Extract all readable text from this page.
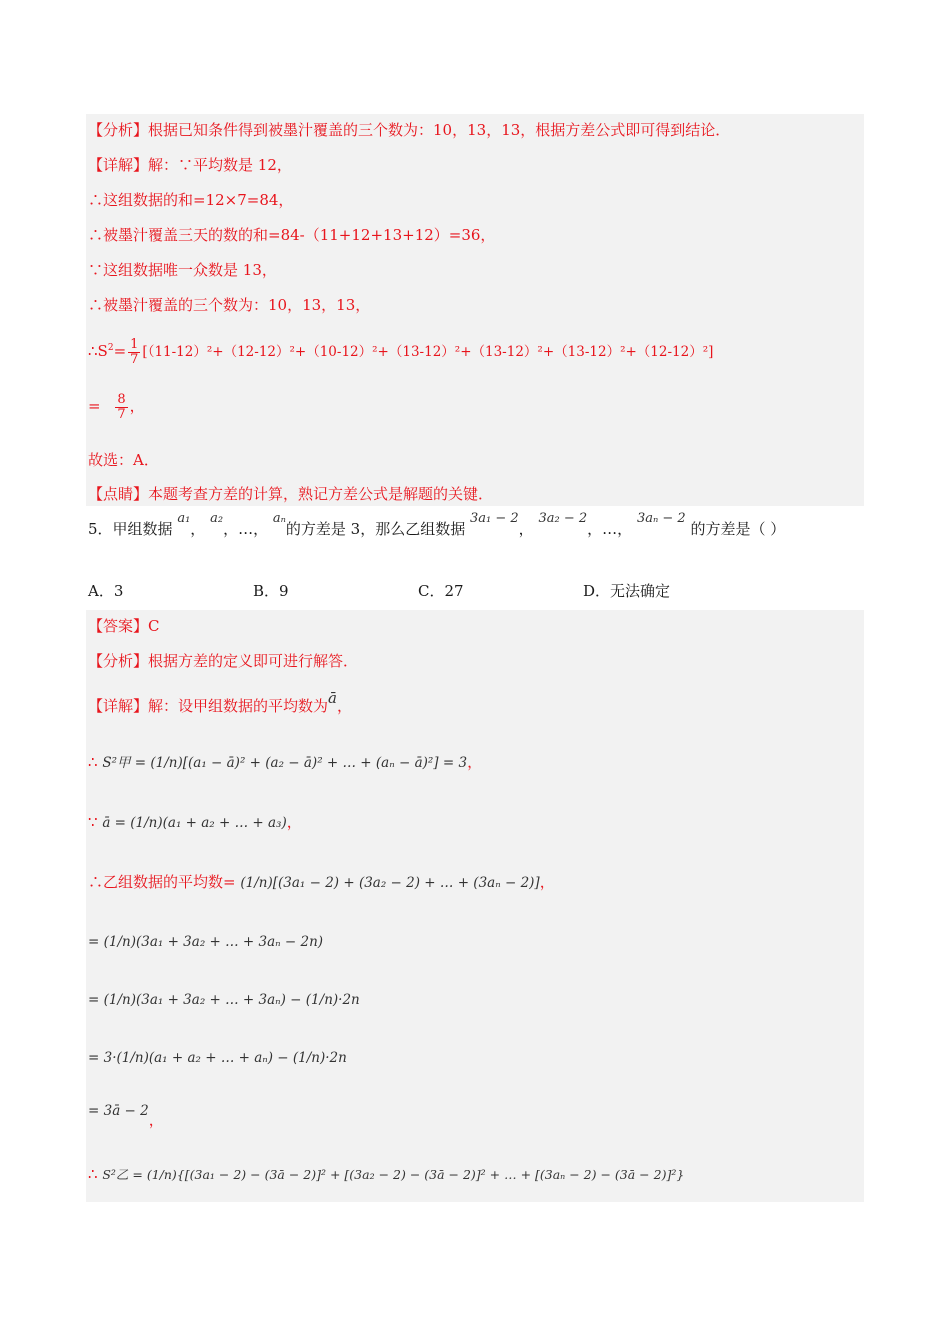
【分析】根据已知条件得到被墨汁覆盖的三个数为：10，13，13，根据方差公式即可得到结论．
【详解】解：∵平均数是 12，
∴这组数据的和=12×7=84，
∴被墨汁覆盖三天的数的和=84-（11+12+13+12）=36，
∵这组数据唯一众数是 13，
∴被墨汁覆盖的三个数为：10，13，13，
$\therefore S^2= \frac{1}{7} [(11-12)^2+(12-12)^2+(10-12)^2+(13-12)^2+(13-12)^2+(13-12)^2+(12-12)^2]$
= $\frac{8}{7}$ ，
故选：A．
【点睛】本题考查方差的计算，熟记方差公式是解题的关键．
5．甲组数据 a₁， a₂，…， aₙ的方差是 3，那么乙组数据 3a₁ − 2， 3a₂ − 2，…， 3aₙ − 2 的方差是（ ）
A．3	B．9	C．27	D．无法确定
【答案】C
【分析】根据方差的定义即可进行解答．
【详解】解：设甲组数据的平均数为ā，
∴ S²甲 = (1/n)[(a₁ − ā)² + (a₂ − ā)² + … + (aₙ − ā)²] = 3，
∵ ā = (1/n)(a₁ + a₂ + … + a₃)，
∴乙组数据的平均数= (1/n)[(3a₁ − 2) + (3a₂ − 2) + … + (3aₙ − 2)]，
= (1/n)(3a₁ + 3a₂ + … + 3aₙ − 2n)
= (1/n)(3a₁ + 3a₂ + … + 3aₙ) − (1/n)·2n
= 3·(1/n)(a₁ + a₂ + … + aₙ) − (1/n)·2n
= 3ā − 2，
∴ S²乙 = (1/n){[(3a₁ − 2) − (3ā − 2)]² + [(3a₂ − 2) − (3ā − 2)]² + … + [(3aₙ − 2) − (3ā − 2)]²}
